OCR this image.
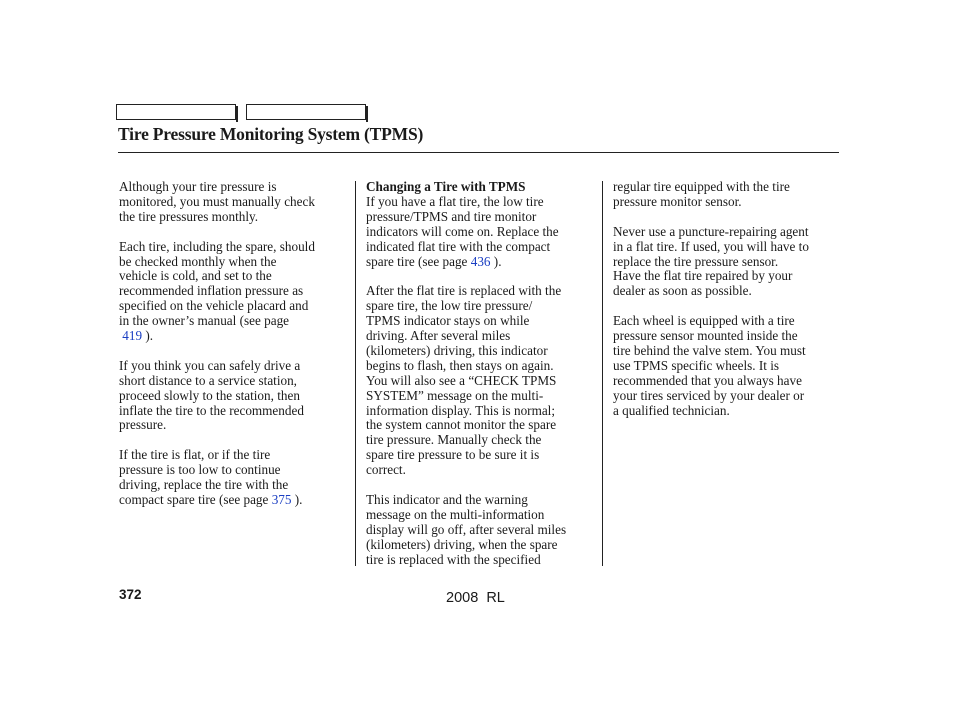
Tire Pressure Monitoring System (TPMS)

Although your tire pressure is
monitored, you must manually check
the tire pressures monthly.

Each tire, including the spare, should
be checked monthly when the
vehicle is cold, and set to the
recommended inflation pressure as
specified on the vehicle placard and
in the owner’s manual (see page
419 ).

If you think you can safely drive a
short distance to a service station,
proceed slowly to the station, then
inflate the tire to the recommended
pressure.

If the tire is flat, or if the tire
pressure is too low to continue
driving, replace the tire with the
compact spare tire (see page 375 ).

Changing a Tire with TPMS
If you have a flat tire, the low tire
pressure/TPMS and tire monitor
indicators will come on. Replace the
indicated flat tire with the compact
spare tire (see page 436 ).

After the flat tire is replaced with the
spare tire, the low tire pressure/
TPMS indicator stays on while
driving. After several miles
(kilometers) driving, this indicator
begins to flash, then stays on again.
You will also see a “CHECK TPMS
SYSTEM” message on the multi-
information display. This is normal;
the system cannot monitor the spare
tire pressure. Manually check the
spare tire pressure to be sure it is
correct.

This indicator and the warning
message on the multi-information
display will go off, after several miles
(kilometers) driving, when the spare
tire is replaced with the specified

regular tire equipped with the tire
pressure monitor sensor.

Never use a puncture-repairing agent
in a flat tire. If used, you will have to
replace the tire pressure sensor.
Have the flat tire repaired by your
dealer as soon as possible.

Each wheel is equipped with a tire
pressure sensor mounted inside the
tire behind the valve stem. You must
use TPMS specific wheels. It is
recommended that you always have
your tires serviced by your dealer or
a qualified technician.

372	2008  RL
